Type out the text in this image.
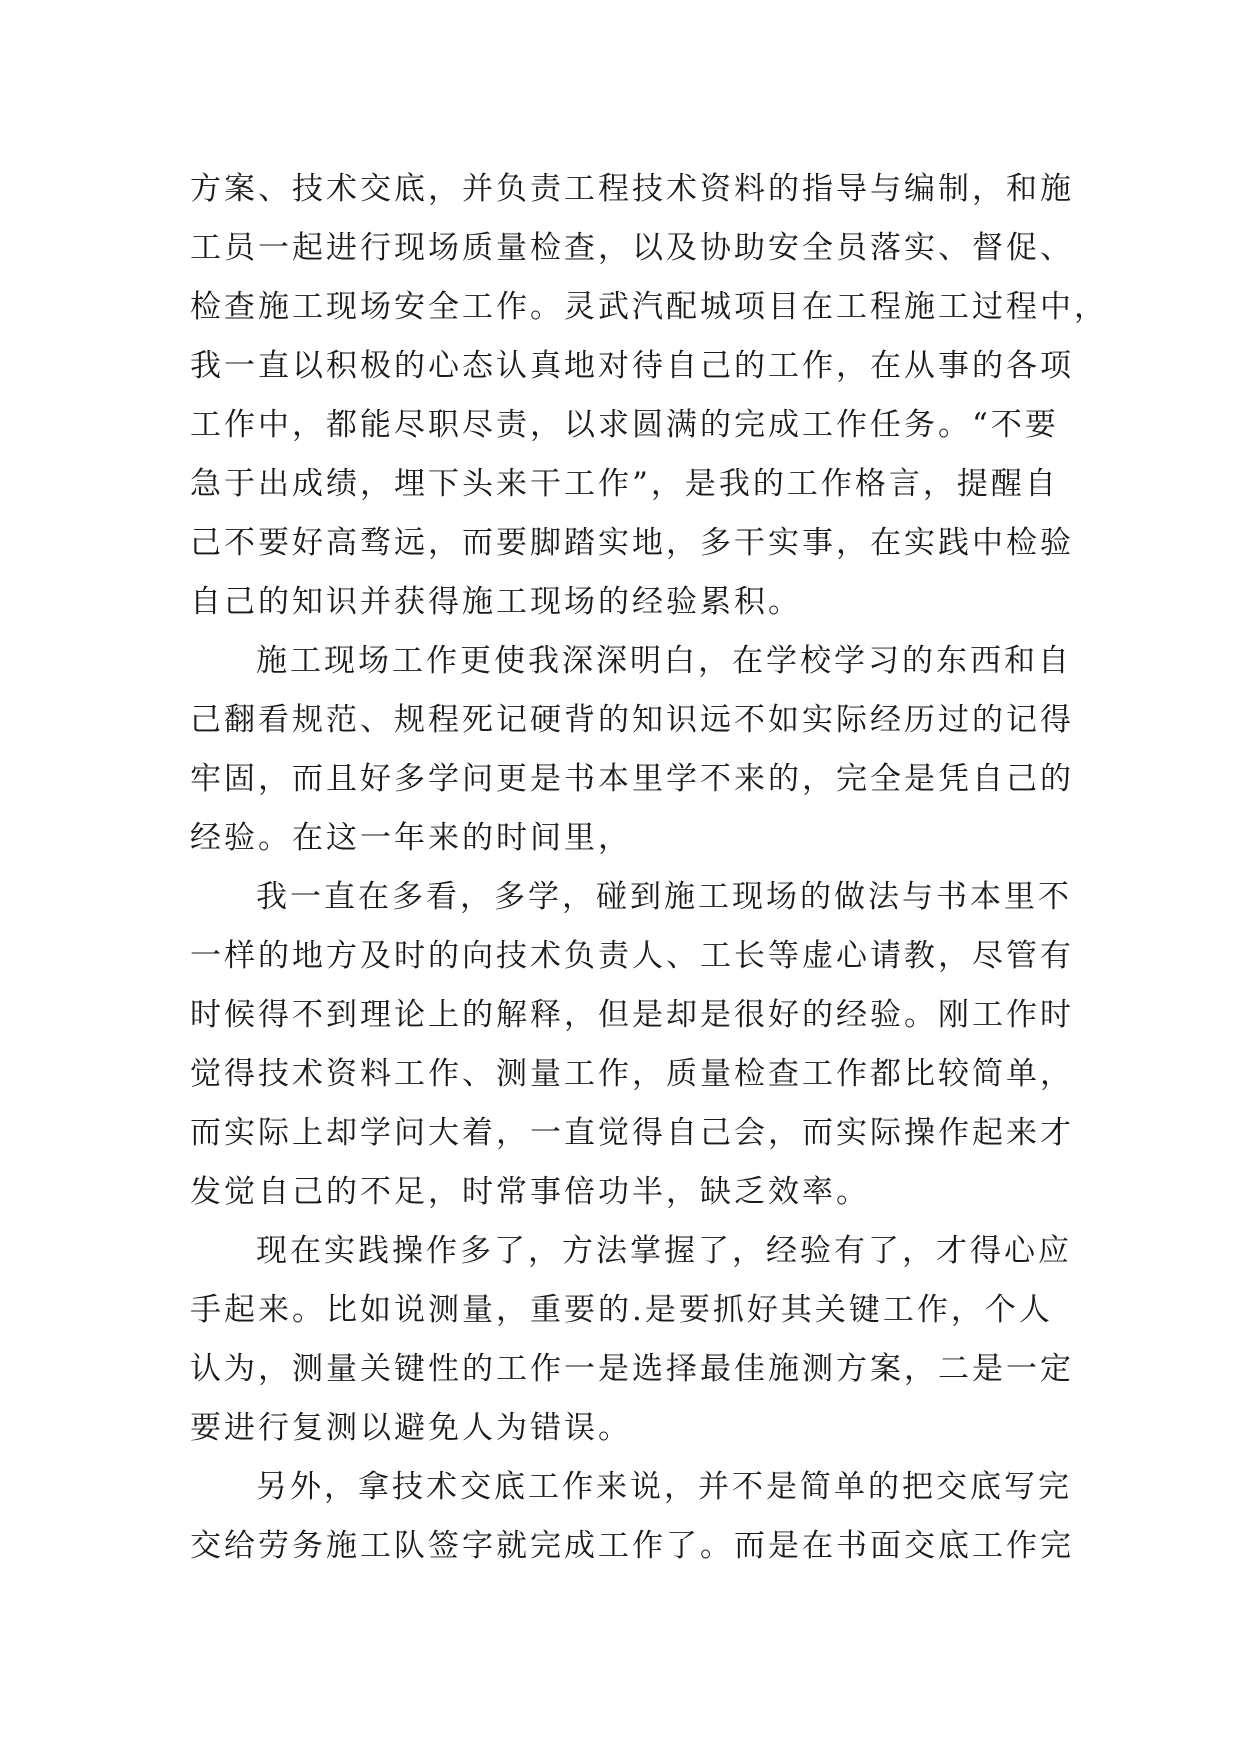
方案、技术交底，并负责工程技术资料的指导与编制，和施
工员一起进行现场质量检查，以及协助安全员落实、督促、
检查施工现场安全工作。灵武汽配城项目在工程施工过程中，
我一直以积极的心态认真地对待自己的工作，在从事的各项
工作中，都能尽职尽责，以求圆满的完成工作任务。“不要
急于出成绩，埋下头来干工作”，是我的工作格言，提醒自
己不要好高骛远，而要脚踏实地，多干实事，在实践中检验
自己的知识并获得施工现场的经验累积。
施工现场工作更使我深深明白，在学校学习的东西和自
己翻看规范、规程死记硬背的知识远不如实际经历过的记得
牢固，而且好多学问更是书本里学不来的，完全是凭自己的
经验。在这一年来的时间里，
我一直在多看，多学，碰到施工现场的做法与书本里不
一样的地方及时的向技术负责人、工长等虚心请教，尽管有
时候得不到理论上的解释，但是却是很好的经验。刚工作时
觉得技术资料工作、测量工作，质量检查工作都比较简单，
而实际上却学问大着，一直觉得自己会，而实际操作起来才
发觉自己的不足，时常事倍功半，缺乏效率。
现在实践操作多了，方法掌握了，经验有了，才得心应
手起来。比如说测量，重要的.是要抓好其关键工作，个人
认为，测量关键性的工作一是选择最佳施测方案，二是一定
要进行复测以避免人为错误。
另外，拿技术交底工作来说，并不是简单的把交底写完
交给劳务施工队签字就完成工作了。而是在书面交底工作完
